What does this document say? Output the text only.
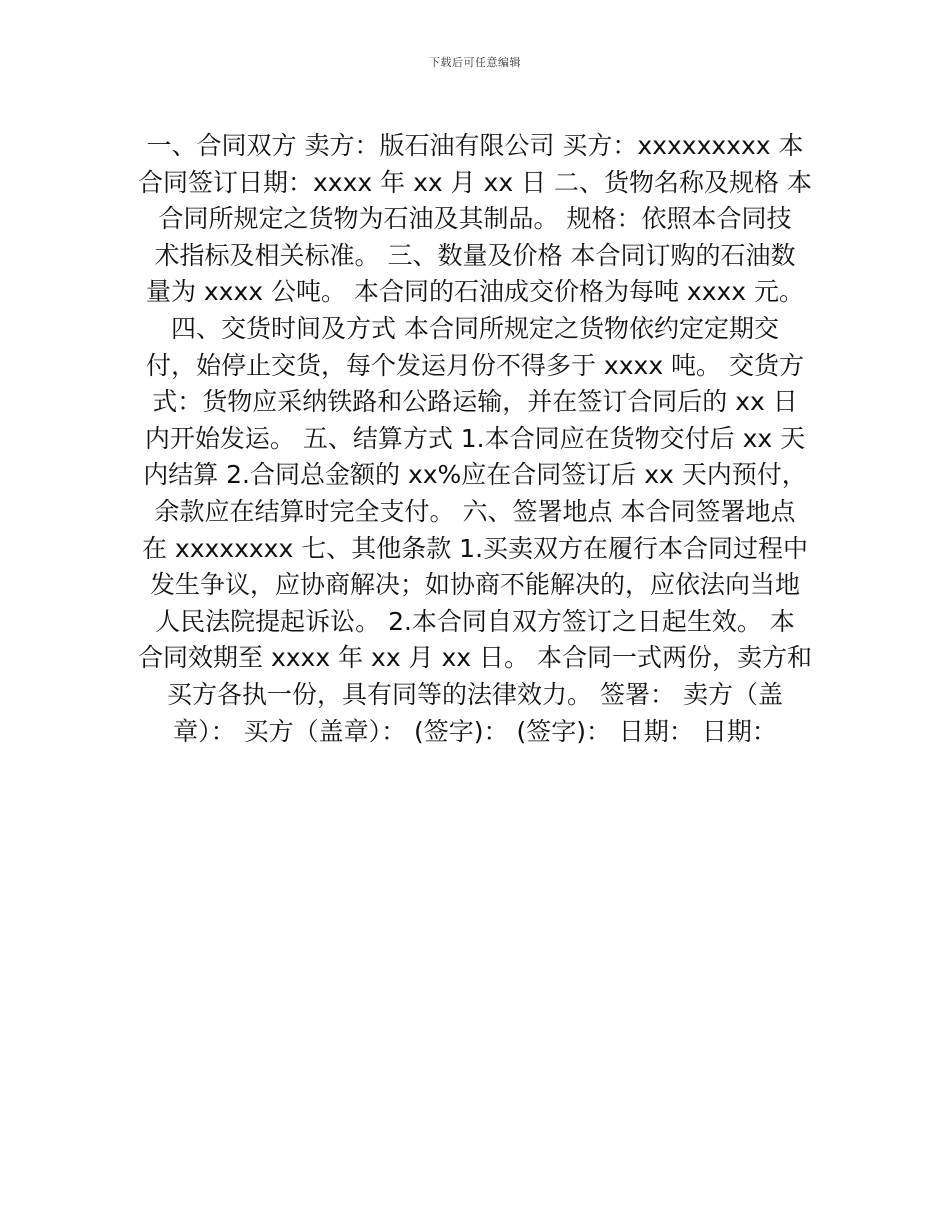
下载后可任意编辑
一、合同双方 卖方：版石油有限公司 买方：xxxxxxxxx 本
合同签订日期：xxxx 年 xx 月 xx 日 二、货物名称及规格 本
合同所规定之货物为石油及其制品。 规格：依照本合同技
术指标及相关标准。 三、数量及价格 本合同订购的石油数
量为 xxxx 公吨。 本合同的石油成交价格为每吨 xxxx 元。
四、交货时间及方式 本合同所规定之货物依约定定期交
付，始停止交货，每个发运月份不得多于 xxxx 吨。 交货方
式：货物应采纳铁路和公路运输，并在签订合同后的 xx 日
内开始发运。 五、结算方式 1.本合同应在货物交付后 xx 天
内结算 2.合同总金额的 xx%应在合同签订后 xx 天内预付，
余款应在结算时完全支付。 六、签署地点 本合同签署地点
在 xxxxxxxx 七、其他条款 1.买卖双方在履行本合同过程中
发生争议，应协商解决；如协商不能解决的，应依法向当地
人民法院提起诉讼。 2.本合同自双方签订之日起生效。 本
合同效期至 xxxx 年 xx 月 xx 日。 本合同一式两份，卖方和
买方各执一份，具有同等的法律效力。 签署： 卖方（盖
章）： 买方（盖章）： (签字)： (签字)： 日期： 日期：
